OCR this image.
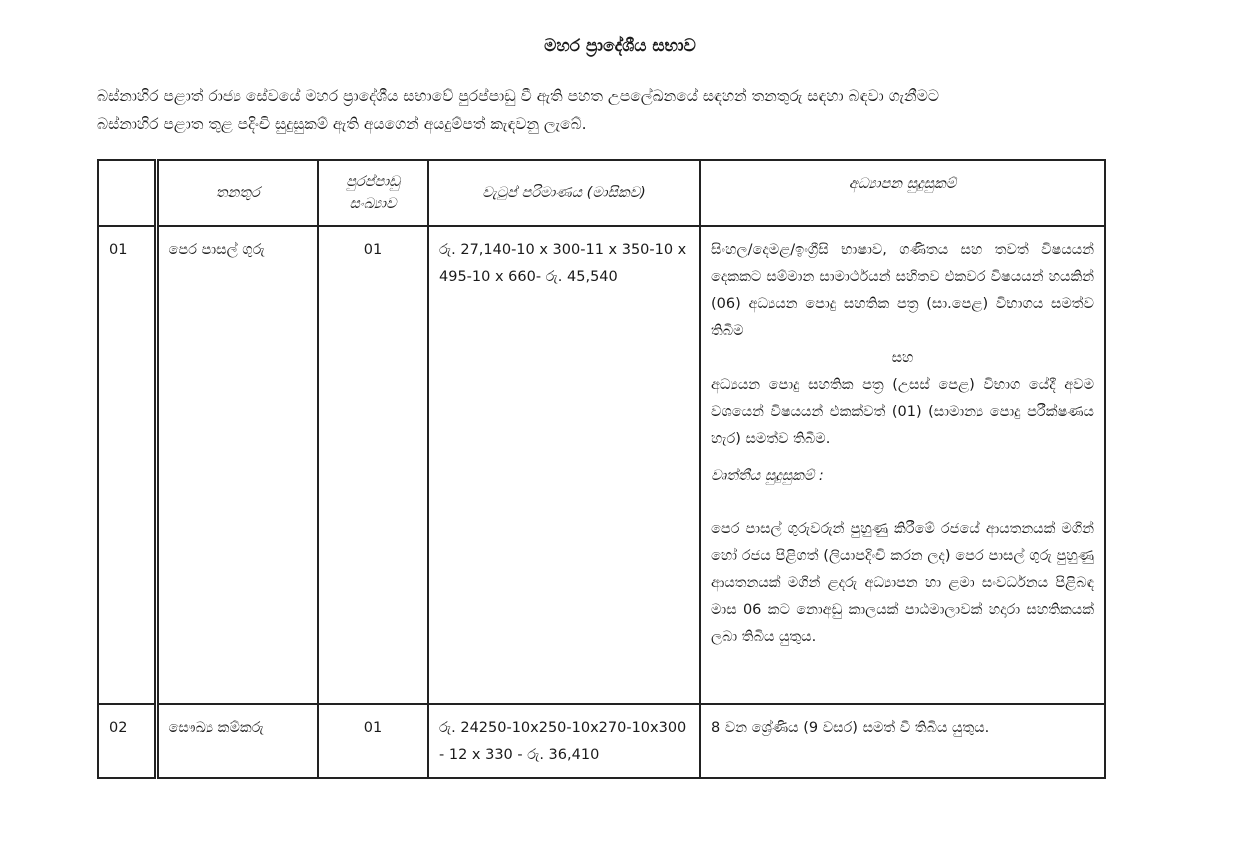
මහර ප්‍රාදේශීය සභාව
බස්නාහිර පළාත් රාජ්‍ය සේවයේ මහර ප්‍රාදේශීය සභාවේ පුරප්පාඩු වී ඇති පහත උපලේඛනයේ සඳහන් තනතුරු සඳහා බඳවා ගැනීමට
බස්නාහිර පළාත තුළ පදිංචි සුදුසුකම් ඇති අයගෙන් අයදුම්පත් කැඳවනු ලැබේ.
	තනතුර	පුරප්පාඩු සංඛ්‍යාව	වැටුප් පරිමාණය (මාසිකව)	අධ්‍යාපන සුදුසුකම්
01	පෙර පාසල් ගුරු	01	රු. 27,140-10 x 300-11 x 350-10 x 495-10 x 660- රු. 45,540	සිංහල/දෙමළ/ඉංග්‍රීසි භාෂාව, ගණිතය සහ තවත් විෂයයන් දෙකකට සම්මාන සාමාර්ථයන් සහිතව එකවර විෂයයන් හයකින් (06) අධ්‍යයන පොදු සහතික පත්‍ර (සා.පෙළ) විභාගය සමත්ව තිබීම
සහ
අධ්‍යයන පොදු සහතික පත්‍ර (උසස් පෙළ) විභාග යේදී අවම වශයෙන් විෂයයන් එකක්වත් (01) (සාමාන්‍ය පොදු පරීක්ෂණය හැර) සමත්ව තිබීම.
වෘත්තීය සුදුසුකම් :
පෙර පාසල් ගුරුවරුන් පුහුණු කිරීමේ රජයේ ආයතනයක් මගින් හෝ රජය පිළිගත් (ලියාපදිංචි කරන ලද) පෙර පාසල් ගුරු පුහුණු ආයතනයක් මගින් ළදරු අධ්‍යාපන හා ළමා සංවර්ධනය පිළිබඳ මාස 06 කට නොඅඩු කාලයක් පාඨමාලාවක් හදාරා සහතිකයක් ලබා තිබිය යුතුය.

02	සෞඛ්‍ය කම්කරු	01	රු. 24250-10x250-10x270-10x300 - 12 x 330 - රු. 36,410	8 වන ශ්‍රේණිය (9 වසර) සමත් වී තිබිය යුතුය.
